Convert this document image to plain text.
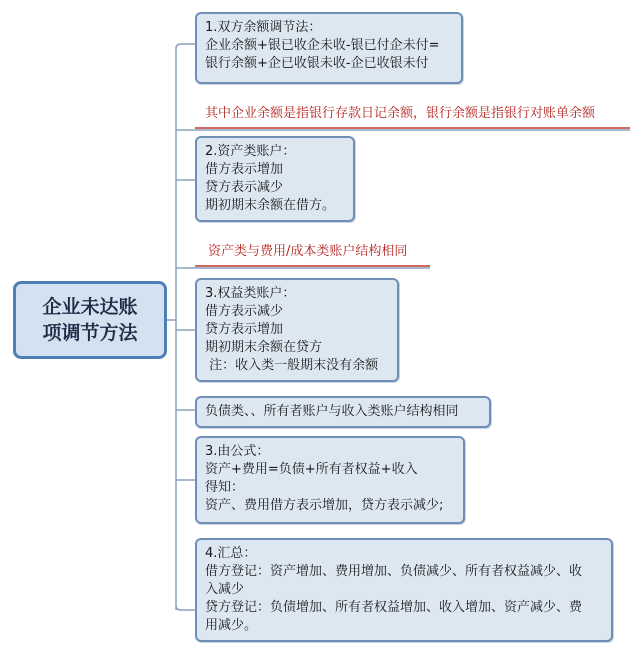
企业未达账
项调节方法
1.双方余额调节法：
企业余额+银已收企未收-银已付企未付=
银行余额+企已收银未收-企已收银未付
其中企业余额是指银行存款日记余额，银行余额是指银行对账单余额
2.资产类账户：
借方表示增加
贷方表示减少
期初期末余额在借方。
资产类与费用/成本类账户结构相同
3.权益类账户：
借方表示减少
贷方表示增加
期初期末余额在贷方
注：收入类一般期末没有余额
负债类、、所有者账户与收入类账户结构相同
3.由公式：
资产+费用=负债+所有者权益+收入
得知：
资产、费用借方表示增加，贷方表示减少;
4.汇总：
借方登记：资产增加、费用增加、负债减少、所有者权益减少、收
入减少
贷方登记：负债增加、所有者权益增加、收入增加、资产减少、费
用减少。
